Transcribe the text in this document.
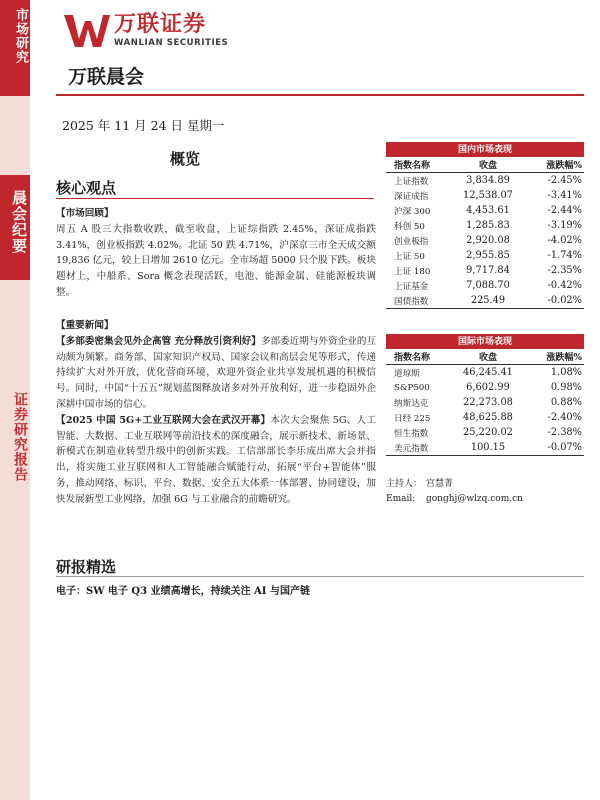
市场研究
晨会纪要
证券研究报告
万联证券
WANLIAN SECURITIES
万联晨会
2025 年 11 月 24 日 星期一
概览
核心观点

【市场回顾】

周五 A 股三大指数收跌，截至收盘，上证综指跌 2.45%，深证成指跌 3.41%，创业板指跌 4.02%。北证 50 跌 4.71%，沪深京三市全天成交额 19,836 亿元，较上日增加 2610 亿元。全市场超 5000 只个股下跌。板块题材上，中船系、Sora 概念表现活跃，电池、能源金属、硅能源板块调整。

【重要新闻】

【多部委密集会见外企高管 充分释放引资利好】多部委近期与外资企业的互动颇为频繁。商务部、国家知识产权局、国家会议和高层会见等形式，传递持续扩大对外开放，优化营商环境，欢迎外资企业共享发展机遇的积极信号。同时，中国“十五五”规划蓝图释放诸多对外开放利好，进一步稳固外企深耕中国市场的信心。

【2025 中国 5G+工业互联网大会在武汉开幕】本次大会聚焦 5G、人工智能、大数据、工业互联网等前沿技术的深度融合，展示新技术、新场景、新模式在制造业转型升级中的创新实践。工信部部长李乐成出席大会并指出，将实施工业互联网和人工智能融合赋能行动，拓展“平台+智能体”服务，推动网络、标识、平台、数据、安全五大体系一体部署、协同建设，加快发展新型工业网络，加强 6G 与工业融合的前瞻研究。

研报精选
电子：SW 电子 Q3 业绩高增长，持续关注 AI 与国产链
国内市场表现
指数名称	收盘	涨跌幅%
上证指数	3,834.89	-2.45%
深证成指	12,538.07	-3.41%
沪深 300	4,453.61	-2.44%
科创 50	1,285.83	-3.19%
创业板指	2,920.08	-4.02%
上证 50	2,955.85	-1.74%
上证 180	9,717.84	-2.35%
上证基金	7,088.70	-0.42%
国债指数	225.49	-0.02%
国际市场表现
指数名称	收盘	涨跌幅%
道琼斯	46,245.41	1.08%
S&P500	6,602.99	0.98%
纳斯达克	22,273.08	0.88%
日经 225	48,625.88	-2.40%
恒生指数	25,220.02	-2.38%
美元指数	100.15	-0.07%
主持人： 宫慧菁
Email: gonghj@wlzq.com.cn
